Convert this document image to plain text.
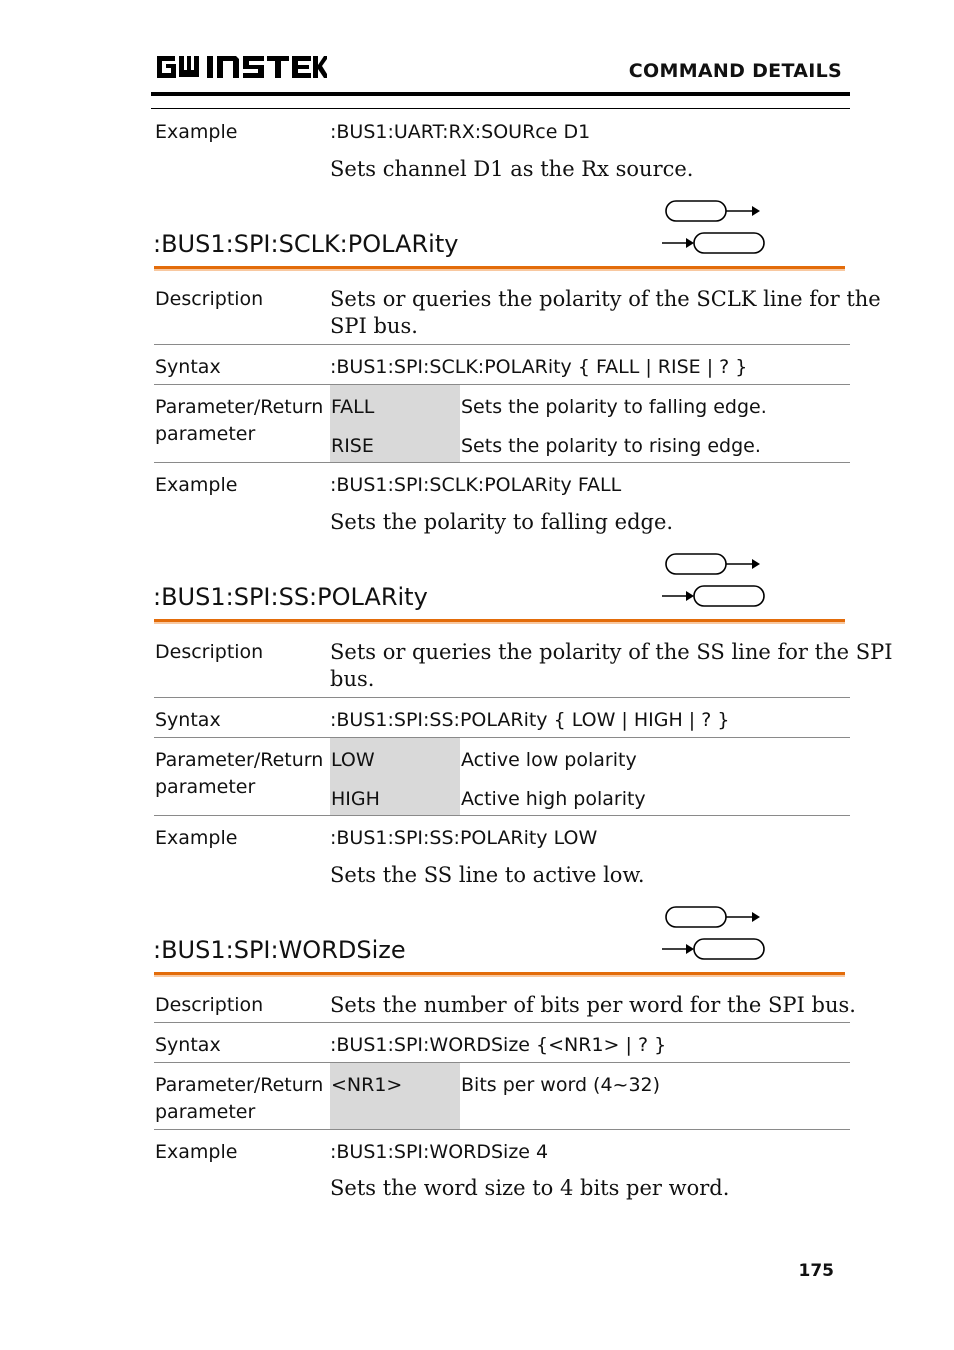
COMMAND DETAILS
Example	:BUS1:UART:RX:SOURce D1
Sets channel D1 as the Rx source.
:BUS1:SPI:SCLK:POLARity
Description	Sets or queries the polarity of the SCLK line for the
SPI bus.
Syntax	:BUS1:SPI:SCLK:POLARity { FALL | RISE | ? }
Parameter/Return
parameter
FALL	Sets the polarity to falling edge.
RISE	Sets the polarity to rising edge.
Example	:BUS1:SPI:SCLK:POLARity FALL
Sets the polarity to falling edge.
:BUS1:SPI:SS:POLARity
Description	Sets or queries the polarity of the SS line for the SPI
bus.
Syntax	:BUS1:SPI:SS:POLARity { LOW | HIGH | ? }
Parameter/Return
parameter
LOW	Active low polarity
HIGH	Active high polarity
Example	:BUS1:SPI:SS:POLARity LOW
Sets the SS line to active low.
:BUS1:SPI:WORDSize
Description	Sets the number of bits per word for the SPI bus.
Syntax	:BUS1:SPI:WORDSize {<NR1> | ? }
Parameter/Return
parameter
<NR1>	Bits per word (4~32)
Example	:BUS1:SPI:WORDSize 4
Sets the word size to 4 bits per word.
175
